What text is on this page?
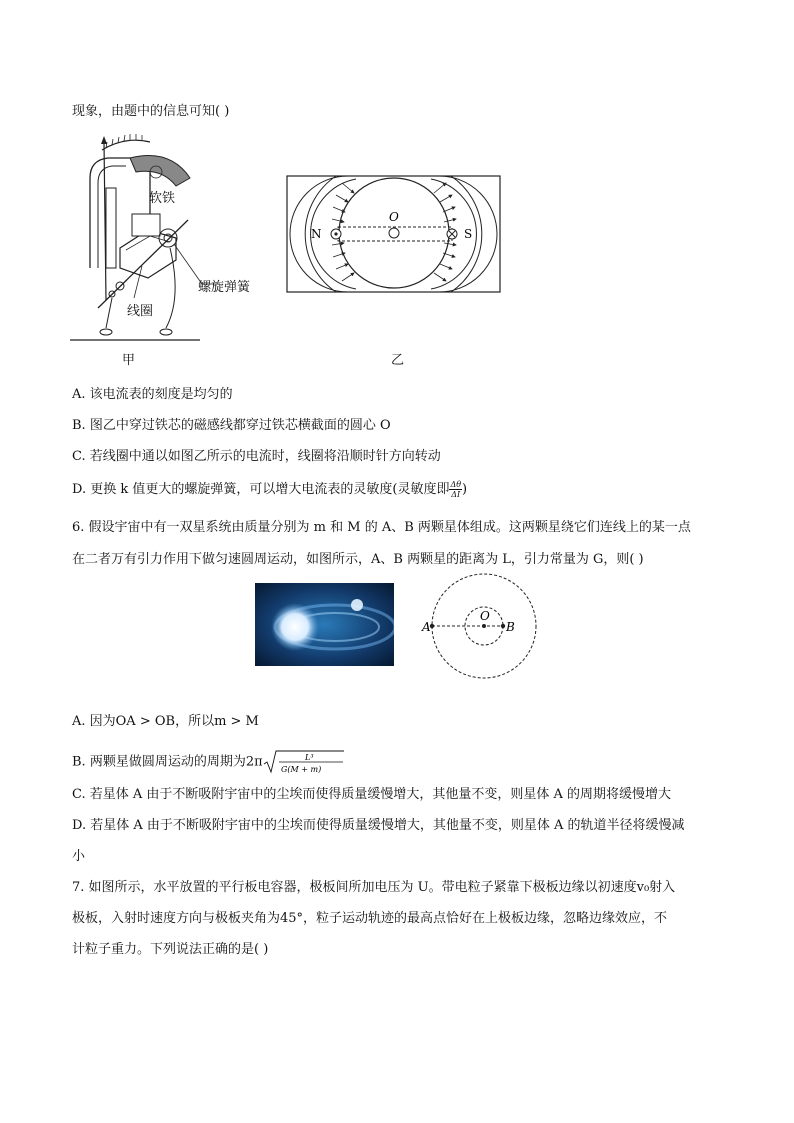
现象，由题中的信息可知( )
软铁
螺旋弹簧
线圈
甲
N	S
O
乙
A. 该电流表的刻度是均匀的
B. 图乙中穿过铁芯的磁感线都穿过铁芯横截面的圆心 O
C. 若线圈中通以如图乙所示的电流时，线圈将沿顺时针方向转动
D. 更换 k 值更大的螺旋弹簧，可以增大电流表的灵敏度(灵敏度即 $\frac{\Delta\theta}{\Delta I}$ )
6. 假设宇宙中有一双星系统由质量分别为 m 和 M 的 A、B 两颗星体组成。这两颗星绕它们连线上的某一点
在二者万有引力作用下做匀速圆周运动，如图所示，A、B 两颗星的距离为 L，引力常量为 G，则( )
A
O
B
A. 因为OA > OB，所以m > M
B. 两颗星做圆周运动的周期为2π	L³
G(M + m)
C. 若星体 A 由于不断吸附宇宙中的尘埃而使得质量缓慢增大，其他量不变，则星体 A 的周期将缓慢增大
D. 若星体 A 由于不断吸附宇宙中的尘埃而使得质量缓慢增大，其他量不变，则星体 A 的轨道半径将缓慢减
小
7. 如图所示，水平放置的平行板电容器，极板间所加电压为 U。带电粒子紧靠下极板边缘以初速度v₀射入
极板，入射时速度方向与极板夹角为45°，粒子运动轨迹的最高点恰好在上极板边缘，忽略边缘效应，不
计粒子重力。下列说法正确的是( )
